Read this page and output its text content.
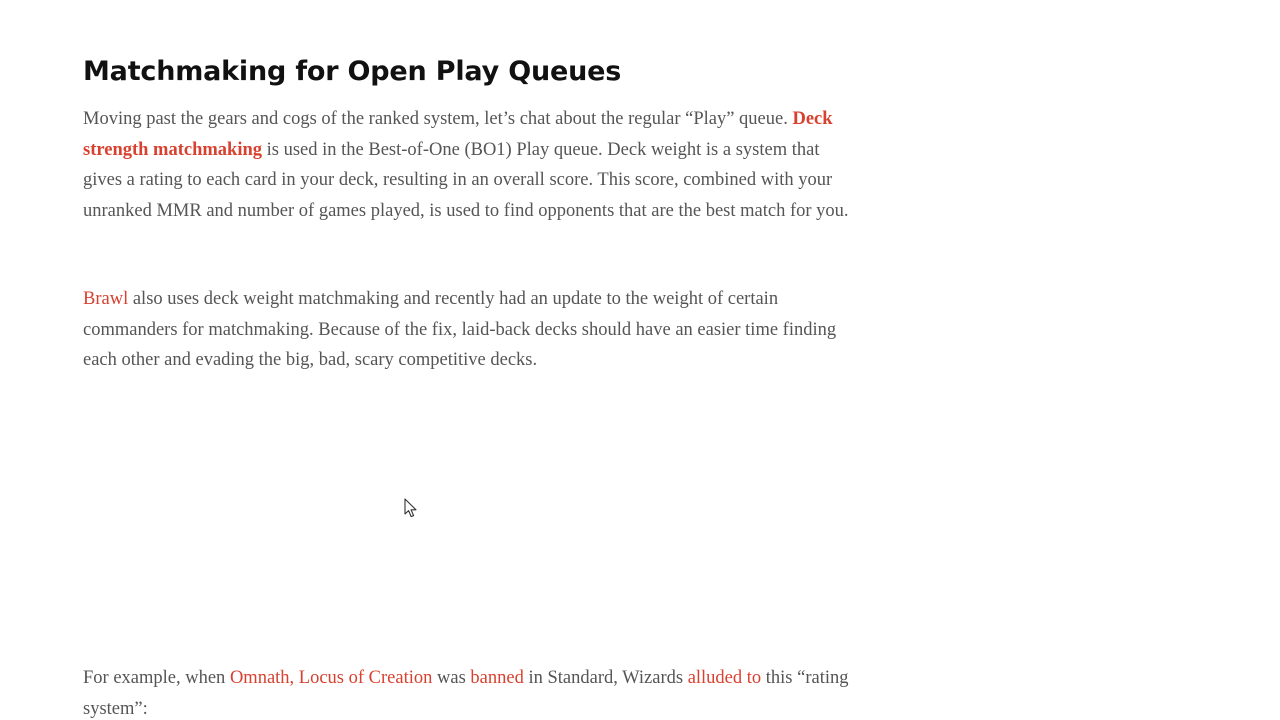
Matchmaking for Open Play Queues

Moving past the gears and cogs of the ranked system, let’s chat about the regular “Play” queue. Deck strength matchmaking is used in the Best-of-One (BO1) Play queue. Deck weight is a system that gives a rating to each card in your deck, resulting in an overall score. This score, combined with your unranked MMR and number of games played, is used to find opponents that are the best match for you.

Brawl also uses deck weight matchmaking and recently had an update to the weight of certain commanders for matchmaking. Because of the fix, laid-back decks should have an easier time finding each other and evading the big, bad, scary competitive decks.

For example, when Omnath, Locus of Creation was banned in Standard, Wizards alluded to this “rating system”:
